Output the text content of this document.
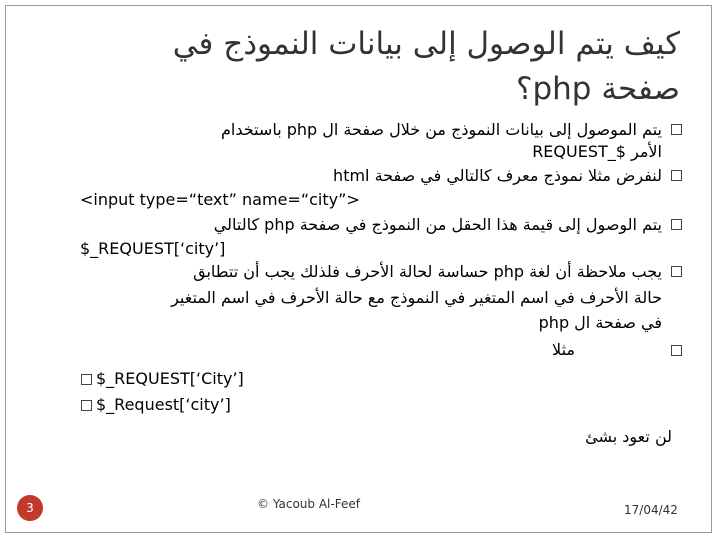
كيف يتم الوصول إلى بيانات النموذج في
صفحة php؟
يتم الموصول إلى بيانات النموذج من خلال صفحة ال php باستخدام
الأمر $_REQUEST
لنفرض مثلا نموذج معرف كالتالي في صفحة html
<input type=“text” name=“city”>
يتم الوصول إلى قيمة هذا الحقل من النموذج في صفحة php كالتالي
$_REQUEST[‘city’]
يجب ملاحظة أن لغة php حساسة لحالة الأحرف فلذلك يجب أن تتطابق
حالة الأحرف في اسم المتغير في النموذج مع حالة الأحرف في اسم المتغير
في صفحة ال php
مثلا
$_REQUEST[‘City’]
$_Request[‘city’]
لن تعود بشئ
3	© Yacoub Al-Feef	17/04/42
